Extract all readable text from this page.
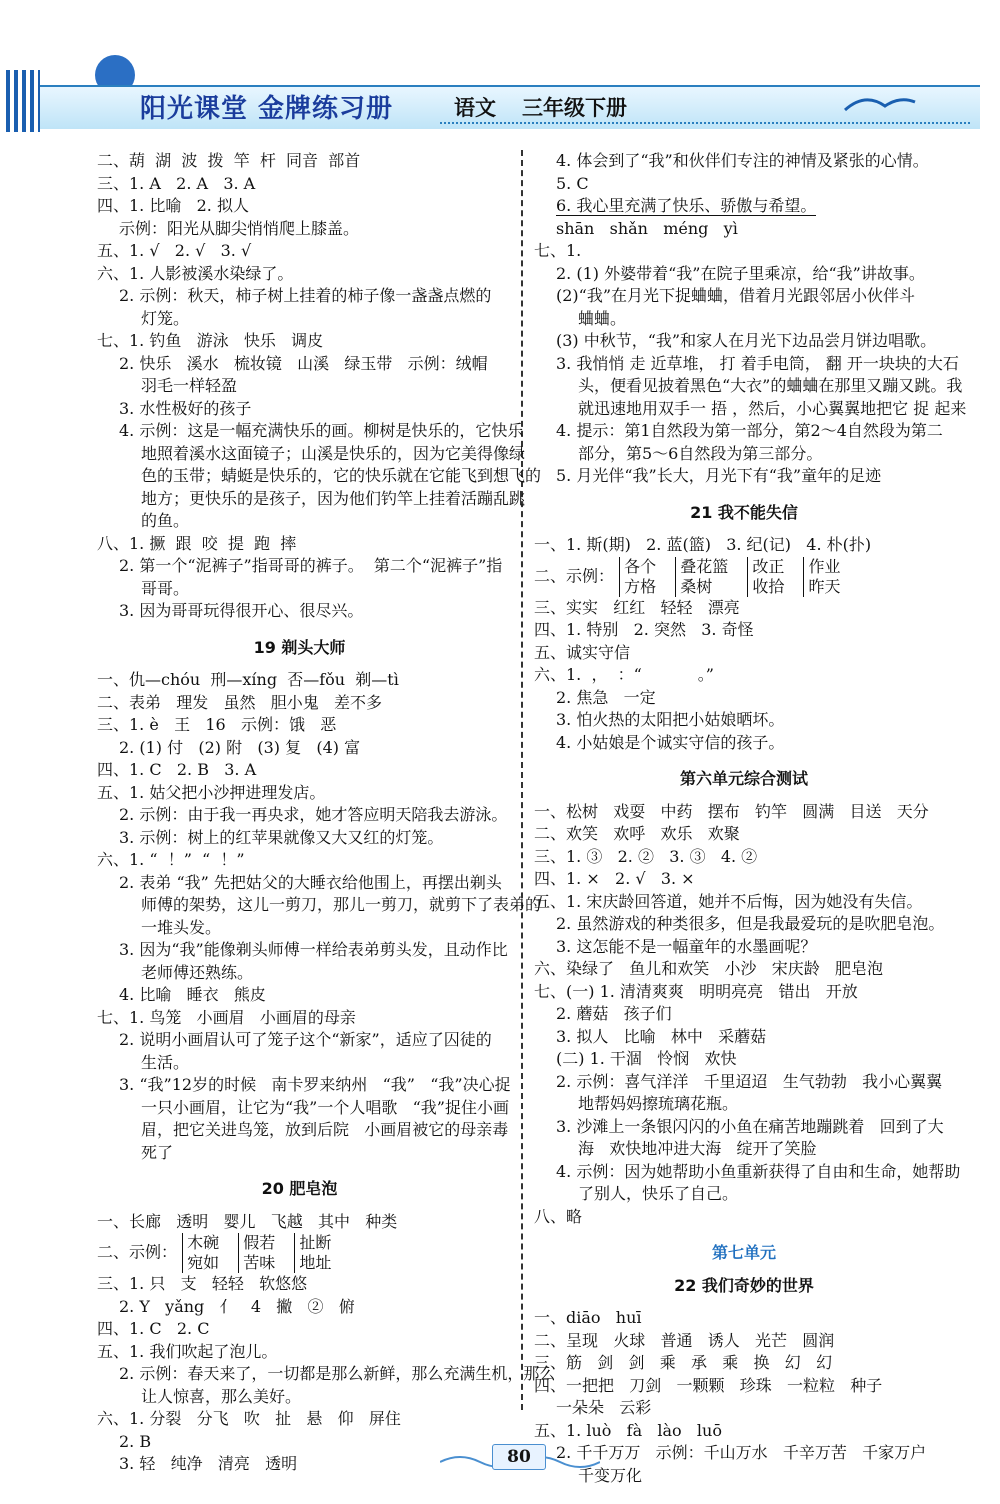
阳光课堂 金牌练习册	语文 三年级下册
二、葫  湖  波  拨  竿  杆  同音  部首
三、1. A   2. A   3. A
四、1. 比喻   2. 拟人
示例：阳光从脚尖悄悄爬上膝盖。
五、1. √   2. √   3. √
六、1. 人影被溪水染绿了。
2. 示例：秋天，柿子树上挂着的柿子像一盏盏点燃的
灯笼。
七、1. 钓鱼   游泳   快乐   调皮
2. 快乐   溪水   梳妆镜   山溪   绿玉带   示例：绒帽
羽毛一样轻盈
3. 水性极好的孩子
4. 示例：这是一幅充满快乐的画。柳树是快乐的，它快乐
地照着溪水这面镜子；山溪是快乐的，因为它美得像绿
色的玉带；蜻蜓是快乐的，它的快乐就在它能飞到想飞的
地方；更快乐的是孩子，因为他们钓竿上挂着活蹦乱跳
的鱼。
八、1. 撅  跟  咬  提  跑  摔
2. 第一个“泥裤子”指哥哥的裤子。  第二个“泥裤子”指
哥哥。
3. 因为哥哥玩得很开心、很尽兴。
19 剃头大师
一、仇—chóu  刑—xíng  否—fǒu  剃—tì
二、表弟   理发   虽然   胆小鬼   差不多
三、1. è   王   16   示例：饿   恶
2. (1) 付   (2) 附   (3) 复   (4) 富
四、1. C   2. B   3. A
五、1. 姑父把小沙押进理发店。
2. 示例：由于我一再央求，她才答应明天陪我去游泳。
3. 示例：树上的红苹果就像又大又红的灯笼。
六、1. “  ！”  “  ！”
2. 表弟 “我” 先把姑父的大睡衣给他围上，再摆出剃头
师傅的架势，这儿一剪刀，那儿一剪刀，就剪下了表弟的
一堆头发。
3. 因为“我”能像剃头师傅一样给表弟剪头发，且动作比
老师傅还熟练。
4. 比喻   睡衣   熊皮
七、1. 鸟笼   小画眉   小画眉的母亲
2. 说明小画眉认可了笼子这个“新家”，适应了囚徒的
生活。
3. “我”12岁的时候   南卡罗来纳州   “我”   “我”决心捉
一只小画眉，让它为“我”一个人唱歌   “我”捉住小画
眉，把它关进鸟笼，放到后院   小画眉被它的母亲毒
死了
20 肥皂泡
一、长廊   透明   婴儿   飞越   其中   种类
二、示例： 木碗
宛如 假若
苦味 扯断
地址
三、1. 只   支   轻轻   软悠悠
2. Y   yǎng   亻   4   撇   ②   俯
四、1. C   2. C
五、1. 我们吹起了泡儿。
2. 示例：春天来了，一切都是那么新鲜，那么充满生机，那么
让人惊喜，那么美好。
六、1. 分裂   分飞   吹   扯   悬   仰   屏住
2. B
3. 轻   纯净   清亮   透明
4. 体会到了“我”和伙伴们专注的神情及紧张的心情。
5. C
6. 我心里充满了快乐、骄傲与希望。
shān   shǎn   méng   yì
七、1.
2. (1) 外婆带着“我”在院子里乘凉，给“我”讲故事。
(2)“我”在月光下捉蛐蛐，借着月光跟邻居小伙伴斗
蛐蛐。
(3) 中秋节，“我”和家人在月光下边品尝月饼边唱歌。
3. 我悄悄 走 近草堆， 打 着手电筒， 翻 开一块块的大石
头，便看见披着黑色“大衣”的蛐蛐在那里又蹦又跳。我
就迅速地用双手一 捂 ，然后，小心翼翼地把它 捉 起来
4. 提示：第1自然段为第一部分，第2～4自然段为第二
部分，第5～6自然段为第三部分。
5. 月光伴“我”长大，月光下有“我”童年的足迹
21 我不能失信
一、1. 斯(期)   2. 蓝(篮)   3. 纪(记)   4. 朴(扑)
二、示例： 各个
方格 叠花篮
桑树 改正
收拾 作业
昨天
三、实实   红红   轻轻   漂亮
四、1. 特别   2. 突然   3. 奇怪
五、诚实守信
六、1.  ，  ：“           。”
2. 焦急   一定
3. 怕火热的太阳把小姑娘晒坏。
4. 小姑娘是个诚实守信的孩子。
第六单元综合测试
一、松树   戏耍   中药   摆布   钓竿   圆满   目送   天分
二、欢笑   欢呼   欢乐   欢聚
三、1. ③   2. ②   3. ③   4. ②
四、1. ×   2. √   3. ×
五、1. 宋庆龄回答道，她并不后悔，因为她没有失信。
2. 虽然游戏的种类很多，但是我最爱玩的是吹肥皂泡。
3. 这怎能不是一幅童年的水墨画呢？
六、染绿了   鱼儿和欢笑   小沙   宋庆龄   肥皂泡
七、(一) 1. 清清爽爽   明明亮亮   错出   开放
2. 蘑菇   孩子们
3. 拟人   比喻   林中   采蘑菇
(二) 1. 干涸   怜悯   欢快
2. 示例：喜气洋洋   千里迢迢   生气勃勃   我小心翼翼
地帮妈妈擦琉璃花瓶。
3. 沙滩上一条银闪闪的小鱼在痛苦地蹦跳着   回到了大
海   欢快地冲进大海   绽开了笑脸
4. 示例：因为她帮助小鱼重新获得了自由和生命，她帮助
了别人，快乐了自己。
八、略
第七单元
22 我们奇妙的世界
一、diāo   huī
二、呈现   火球   普通   诱人   光芒   圆润
三、筋   剑   剑   乘   承   乘   换   幻   幻
四、一把把   刀剑   一颗颗   珍珠   一粒粒   种子
一朵朵   云彩
五、1. luò   fà   lào   luō
2. 千千万万   示例：千山万水   千辛万苦   千家万户
千变万化
80
